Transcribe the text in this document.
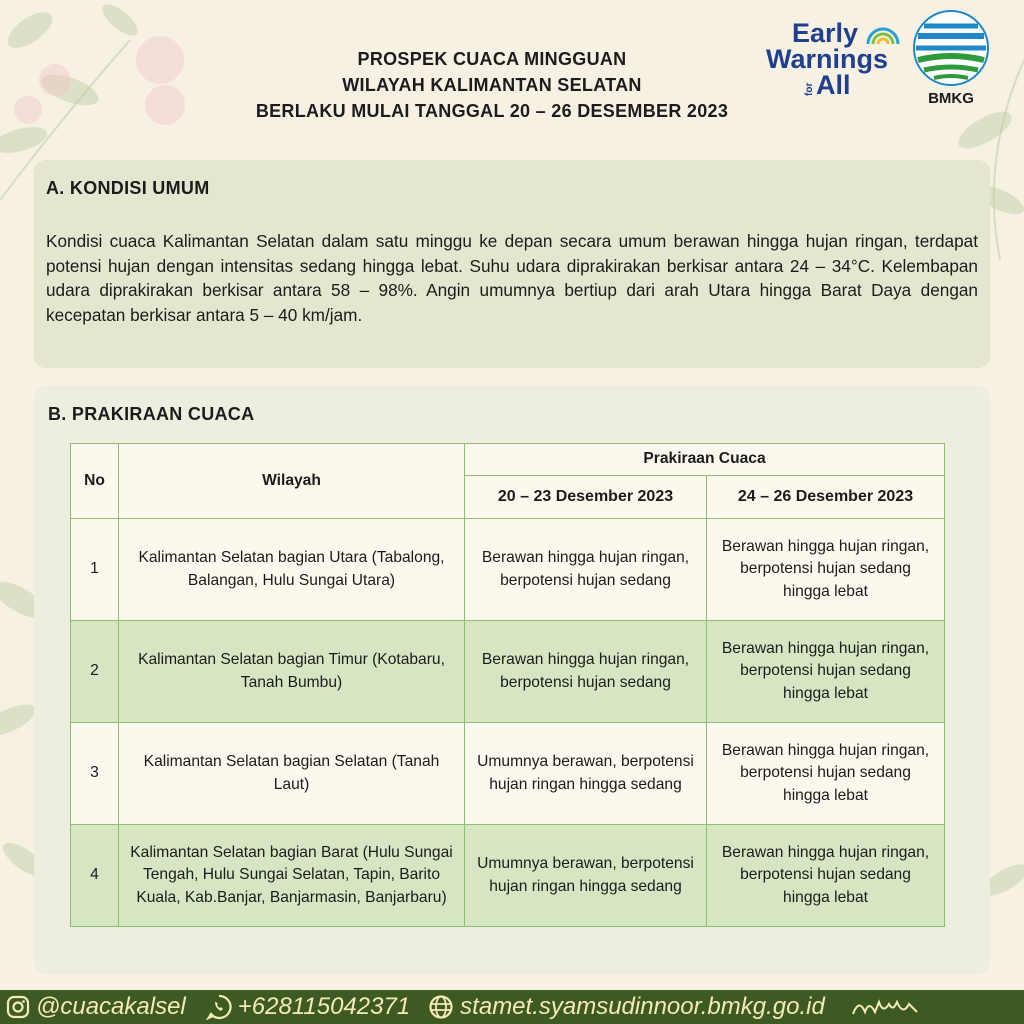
PROSPEK CUACA MINGGUAN
WILAYAH KALIMANTAN SELATAN
BERLAKU MULAI TANGGAL 20 – 26 DESEMBER 2023
Early
Warnings
for All	BMKG
A. KONDISI UMUM
Kondisi cuaca Kalimantan Selatan dalam satu minggu ke depan secara umum berawan hingga hujan ringan, terdapat potensi hujan dengan intensitas sedang hingga lebat. Suhu udara diprakirakan berkisar antara 24 – 34°C. Kelembapan udara diprakirakan berkisar antara 58 – 98%. Angin umumnya bertiup dari arah Utara hingga Barat Daya dengan kecepatan berkisar antara 5 – 40 km/jam.
B. PRAKIRAAN CUACA
No	Wilayah	Prakiraan Cuaca	
		20 – 23 Desember 2023	24 – 26 Desember 2023
1	Kalimantan Selatan bagian Utara (Tabalong, Balangan, Hulu Sungai Utara)	Berawan hingga hujan ringan, berpotensi hujan sedang	Berawan hingga hujan ringan, berpotensi hujan sedang hingga lebat
2	Kalimantan Selatan bagian Timur (Kotabaru, Tanah Bumbu)	Berawan hingga hujan ringan, berpotensi hujan sedang	Berawan hingga hujan ringan, berpotensi hujan sedang hingga lebat
3	Kalimantan Selatan bagian Selatan (Tanah Laut)	Umumnya berawan, berpotensi hujan ringan hingga sedang	Berawan hingga hujan ringan, berpotensi hujan sedang hingga lebat
4	Kalimantan Selatan bagian Barat (Hulu Sungai Tengah, Hulu Sungai Selatan, Tapin, Barito Kuala, Kab.Banjar, Banjarmasin, Banjarbaru)	Umumnya berawan, berpotensi hujan ringan hingga sedang	Berawan hingga hujan ringan, berpotensi hujan sedang hingga lebat
@cuacakalsel +628115042371 stamet.syamsudinnoor.bmkg.go.id
